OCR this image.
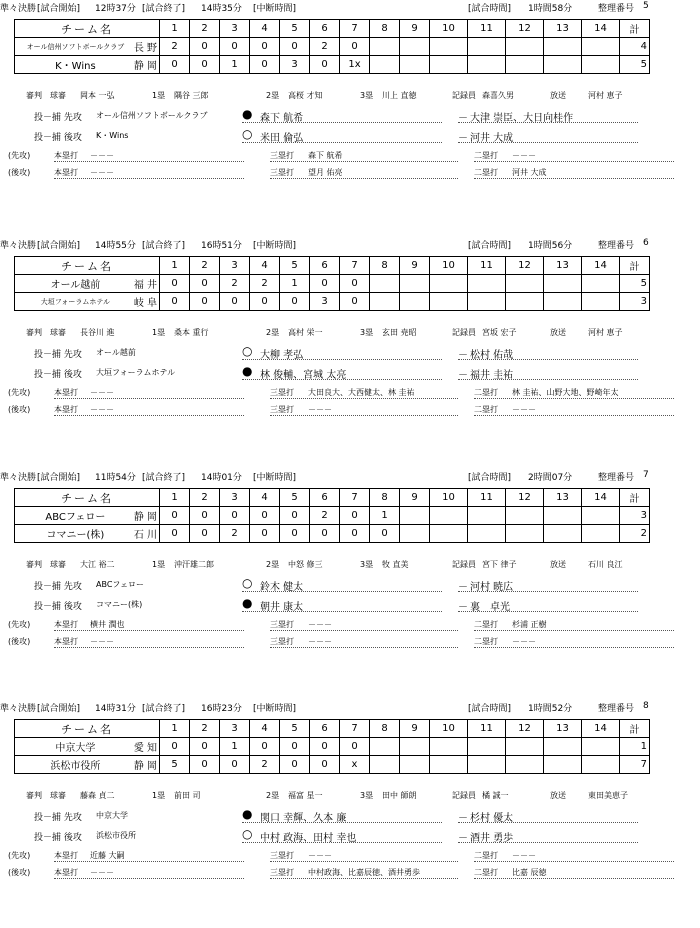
準々決勝 [試合開始] 12時37分 [試合終了] 14時35分 [中断時間]	[試合時間] 1時間58分	整理番号 5
チーム名	1	2	3	4	5	6	7	8	9	10	11	12	13	14	計

オール信州ソフトボールクラブ 長 野	2	0	0	0	0	2	0								4

K・Wins 静 岡	0	0	1	0	3	0	1x								5
審判 球審 岡本 一弘	1塁 隅谷 三郎	2塁 高桜 才知	3塁 川上 直徳	記録員 森喜久男	放送	河村 恵子
投－捕 先攻 オール信州ソフトボールクラブ	● 森下 航希	－ 大津 崇臣、大日向桂作
投－捕 後攻 K・Wins	○ 米田 倫弘	－ 河井 大成
(先攻)	本塁打 －－－	三塁打 森下 航希	二塁打 －－－
(後攻)	本塁打 －－－	三塁打 望月 佑亮	二塁打 河井 大成
準々決勝 [試合開始] 14時55分 [試合終了] 16時51分 [中断時間]	[試合時間] 1時間56分	整理番号 6
チーム名	1	2	3	4	5	6	7	8	9	10	11	12	13	14	計

オール越前 福 井	0	0	2	2	1	0	0								5

大垣フォーラムホテル 岐 阜	0	0	0	0	0	3	0								3
審判 球審 長谷川 進	1塁 桑本 重行	2塁 高村 栄一	3塁 玄田 尭昭	記録員 宮坂 宏子	放送	河村 恵子
投－捕 先攻 オール越前	○ 大柳 孝弘	－ 松村 佑哉
投－捕 後攻 大垣フォーラムホテル	● 林 俊輔、宮城 太亮	－ 福井 圭祐
(先攻)	本塁打 －－－	三塁打 大田良大、大西健太、林 圭祐	二塁打 林 圭祐、山野大地、野崎年太
(後攻)	本塁打 －－－	三塁打 －－－	二塁打 －－－
準々決勝 [試合開始] 11時54分 [試合終了] 14時01分 [中断時間]	[試合時間] 2時間07分	整理番号 7
チーム名	1	2	3	4	5	6	7	8	9	10	11	12	13	14	計

ABCフェロー 静 岡	0	0	0	0	0	2	0	1							3

コマニー(株) 石 川	0	0	2	0	0	0	0	0							2
審判 球審 大江 裕二	1塁 沖汗雄二郎	2塁 中怒 修三	3塁 牧 直美	記録員 宮下 律子	放送	石川 良江
投－捕 先攻 ABCフェロー	○ 鈴木 健太	－ 河村 暁広
投－捕 後攻 コマニー(株)	● 朝井 康太	－ 裏　卓光
(先攻)	本塁打 横井 潤也	三塁打 －－－	二塁打 杉浦 正樹
(後攻)	本塁打 －－－	三塁打 －－－	二塁打 －－－
準々決勝 [試合開始] 14時31分 [試合終了] 16時23分 [中断時間]	[試合時間] 1時間52分	整理番号 8
チーム名	1	2	3	4	5	6	7	8	9	10	11	12	13	14	計

中京大学 愛 知	0	0	1	0	0	0	0								1

浜松市役所 静 岡	5	0	0	2	0	0	x								7
審判 球審 藤森 貞二	1塁 前田 司	2塁 福富 星一	3塁 田中 師朗	記録員 橘 誠一	放送	東田美恵子
投－捕 先攻 中京大学	● 関口 幸輝、久本 廉	－ 杉村 優太
投－捕 後攻 浜松市役所	○ 中村 政海、田村 幸也	－ 酒井 勇歩
(先攻)	本塁打 近藤 大嗣	三塁打 －－－	二塁打 －－－
(後攻)	本塁打 －－－	三塁打 中村政海、比嘉辰徳、酒井勇歩	二塁打 比嘉 辰徳
